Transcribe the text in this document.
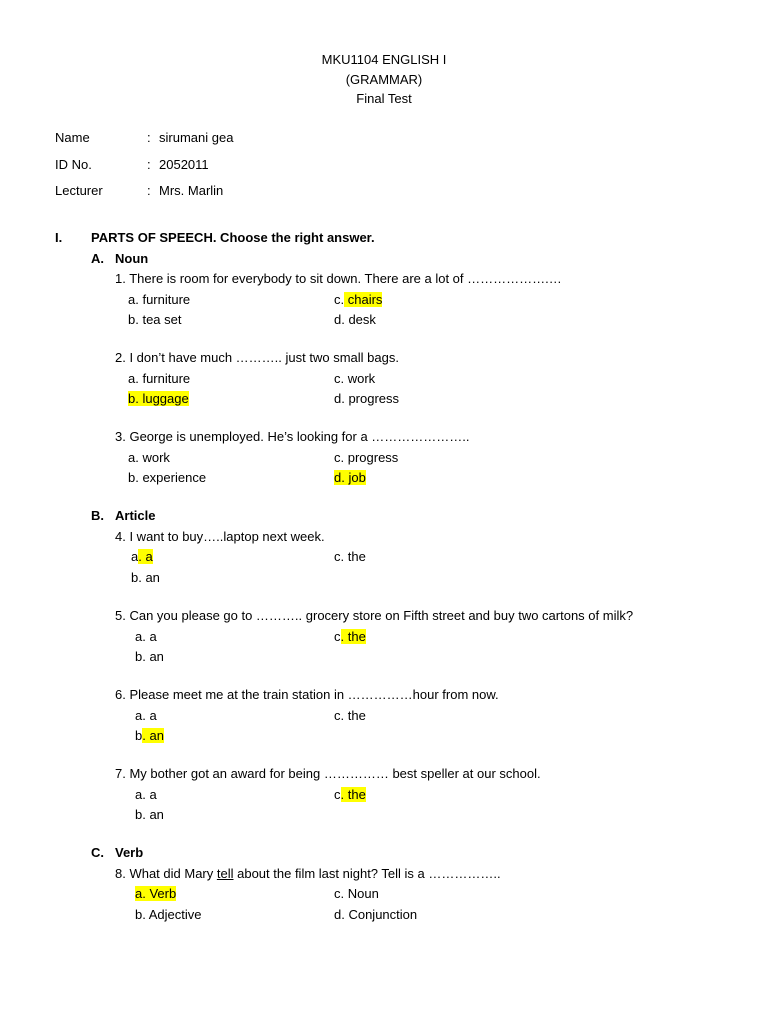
MKU1104 ENGLISH I
(GRAMMAR)
Final Test
Name	: sirumani gea
ID No.	: 2052011
Lecturer	: Mrs. Marlin
I. PARTS OF SPEECH. Choose the right answer.
A. Noun
1. There is room for everybody to sit down. There are a lot of ……………….…
a. furniture
b. tea set
c. chairs
d. desk
2. I don’t have much ……….. just two small bags.
a. furniture
b. luggage
c. work
d. progress
3. George is unemployed. He’s looking for a …………………..
a. work
b. experience
c. progress
d. job
B. Article
4. I want to buy…..laptop next week.
a. a
b. an
c. the
5. Can you please go to ……….. grocery store on Fifth street and buy two cartons of milk?
a. a
b. an
c. the
6. Please meet me at the train station in ……………hour from now.
a. a
b. an
c. the
7. My bother got an award for being …………… best speller at our school.
a. a
b. an
c. the
C. Verb
8. What did Mary tell about the film last night? Tell is a ……………..
a. Verb
b. Adjective
c. Noun
d. Conjunction
